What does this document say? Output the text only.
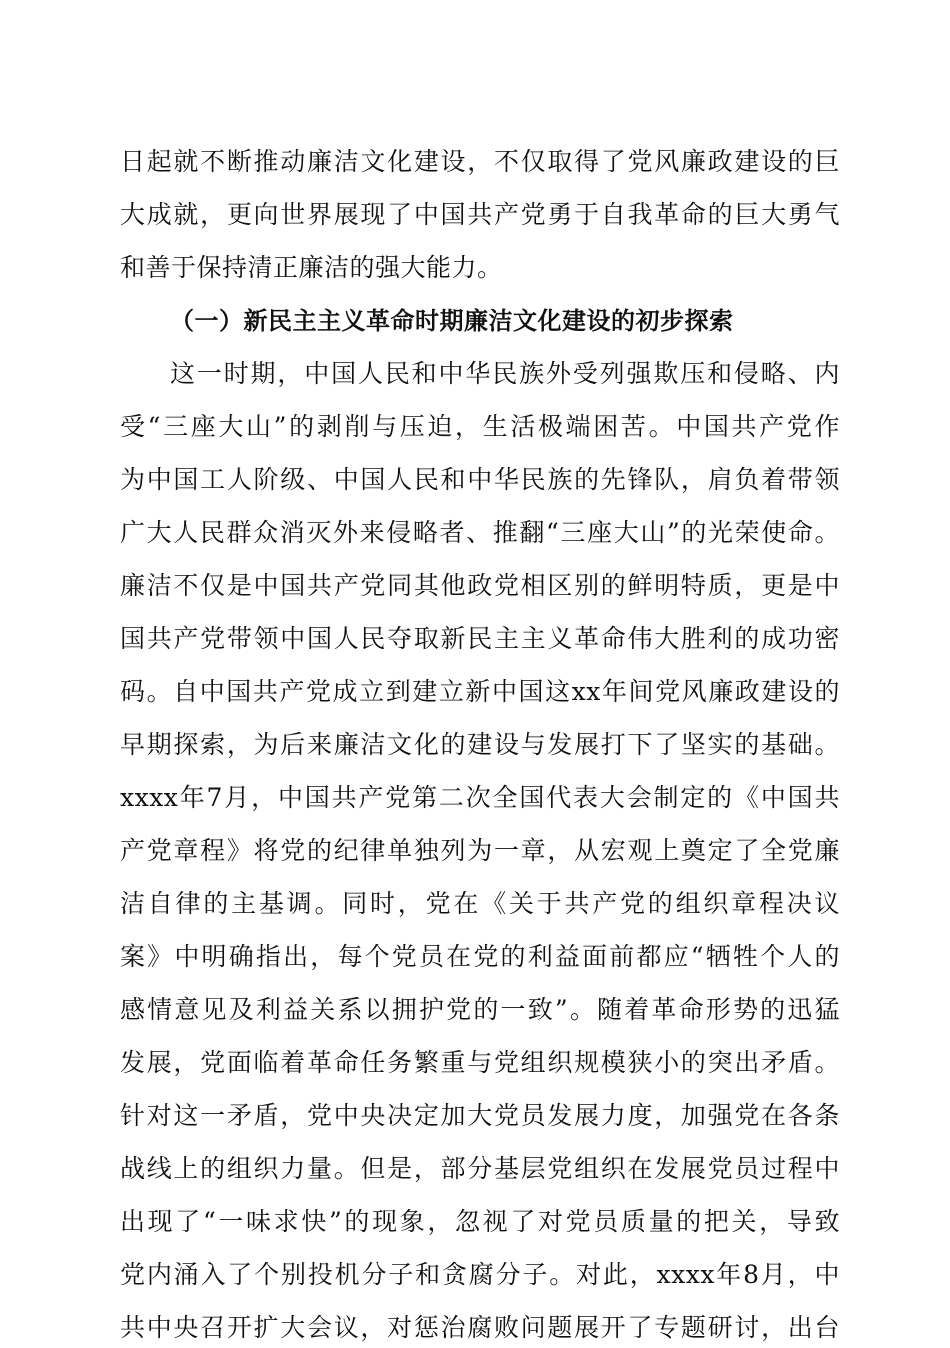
日起就不断推动廉洁文化建设，不仅取得了党风廉政建设的巨
大成就，更向世界展现了中国共产党勇于自我革命的巨大勇气
和善于保持清正廉洁的强大能力。
（一）新民主主义革命时期廉洁文化建设的初步探索
这一时期，中国人民和中华民族外受列强欺压和侵略、内
受“三座大山”的剥削与压迫，生活极端困苦。中国共产党作
为中国工人阶级、中国人民和中华民族的先锋队，肩负着带领
广大人民群众消灭外来侵略者、推翻“三座大山”的光荣使命。
廉洁不仅是中国共产党同其他政党相区别的鲜明特质，更是中
国共产党带领中国人民夺取新民主主义革命伟大胜利的成功密
码。自中国共产党成立到建立新中国这xx年间党风廉政建设的
早期探索，为后来廉洁文化的建设与发展打下了坚实的基础。
xxxx年7月，中国共产党第二次全国代表大会制定的《中国共
产党章程》将党的纪律单独列为一章，从宏观上奠定了全党廉
洁自律的主基调。同时，党在《关于共产党的组织章程决议
案》中明确指出，每个党员在党的利益面前都应“牺牲个人的
感情意见及利益关系以拥护党的一致”。随着革命形势的迅猛
发展，党面临着革命任务繁重与党组织规模狭小的突出矛盾。
针对这一矛盾，党中央决定加大党员发展力度，加强党在各条
战线上的组织力量。但是，部分基层党组织在发展党员过程中
出现了“一味求快”的现象，忽视了对党员质量的把关，导致
党内涌入了个别投机分子和贪腐分子。对此，xxxx年8月，中
共中央召开扩大会议，对惩治腐败问题展开了专题研讨，出台
